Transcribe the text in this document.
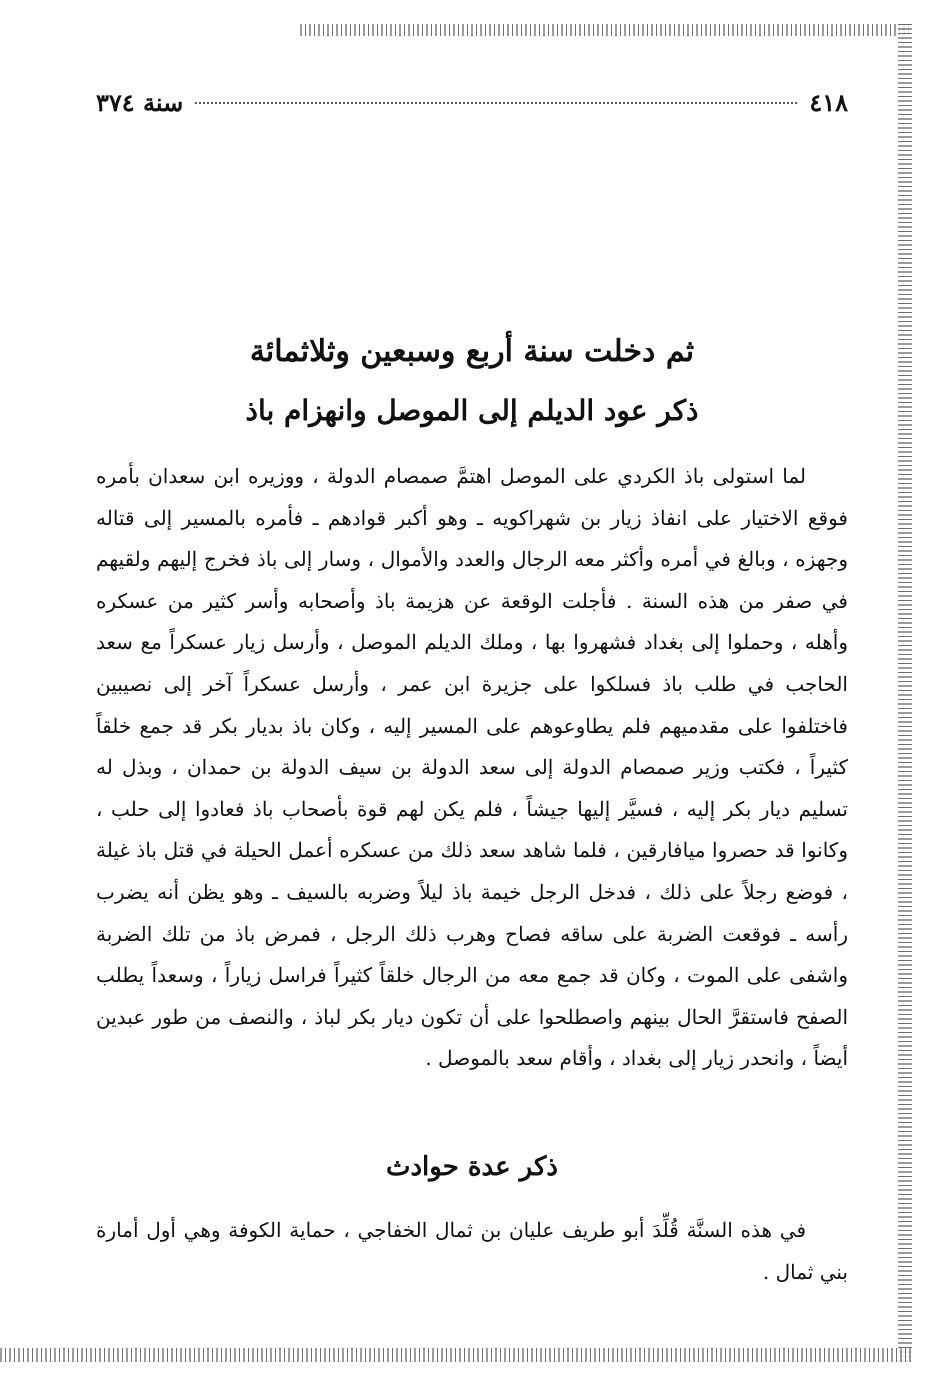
٤١٨
سنة ٣٧٤
ثم دخلت سنة أربع وسبعين وثلاثمائة
ذكر عود الديلم إلى الموصل وانهزام باذ

لما استولى باذ الكردي على الموصل اهتمَّ صمصام الدولة ، ووزيره ابن سعدان بأمره فوقع الاختيار على انفاذ زيار بن شهراكويه ـ وهو أكبر قوادهم ـ فأمره بالمسير إلى قتاله وجهزه ، وبالغ في أمره وأكثر معه الرجال والعدد والأموال ، وسار إلى باذ فخرج إليهم ولقيهم في صفر من هذه السنة . فأجلت الوقعة عن هزيمة باذ وأصحابه وأسر كثير من عسكره وأهله ، وحملوا إلى بغداد فشهروا بها ، وملك الديلم الموصل ، وأرسل زيار عسكراً مع سعد الحاجب في طلب باذ فسلكوا على جزيرة ابن عمر ، وأرسل عسكراً آخر إلى نصيبين فاختلفوا على مقدميهم فلم يطاوعوهم على المسير إليه ، وكان باذ بديار بكر قد جمع خلقاً كثيراً ، فكتب وزير صمصام الدولة إلى سعد الدولة بن سيف الدولة بن حمدان ، وبذل له تسليم ديار بكر إليه ، فسيَّر إليها جيشاً ، فلم يكن لهم قوة بأصحاب باذ فعادوا إلى حلب ، وكانوا قد حصروا ميافارقين ، فلما شاهد سعد ذلك من عسكره أعمل الحيلة في قتل باذ غيلة ، فوضع رجلاً على ذلك ، فدخل الرجل خيمة باذ ليلاً وضربه بالسيف ـ وهو يظن أنه يضرب رأسه ـ فوقعت الضربة على ساقه فصاح وهرب ذلك الرجل ، فمرض باذ من تلك الضربة واشفى على الموت ، وكان قد جمع معه من الرجال خلقاً كثيراً فراسل زياراً ، وسعداً يطلب الصفح فاستقرَّ الحال بينهم واصطلحوا على أن تكون ديار بكر لباذ ، والنصف من طور عبدين أيضاً ، وانحدر زيار إلى بغداد ، وأقام سعد بالموصل .

ذكر عدة حوادث

في هذه السنَّة قُلِّدَ أبو طريف عليان بن ثمال الخفاجي ، حماية الكوفة وهي أول أمارة بني ثمال .
